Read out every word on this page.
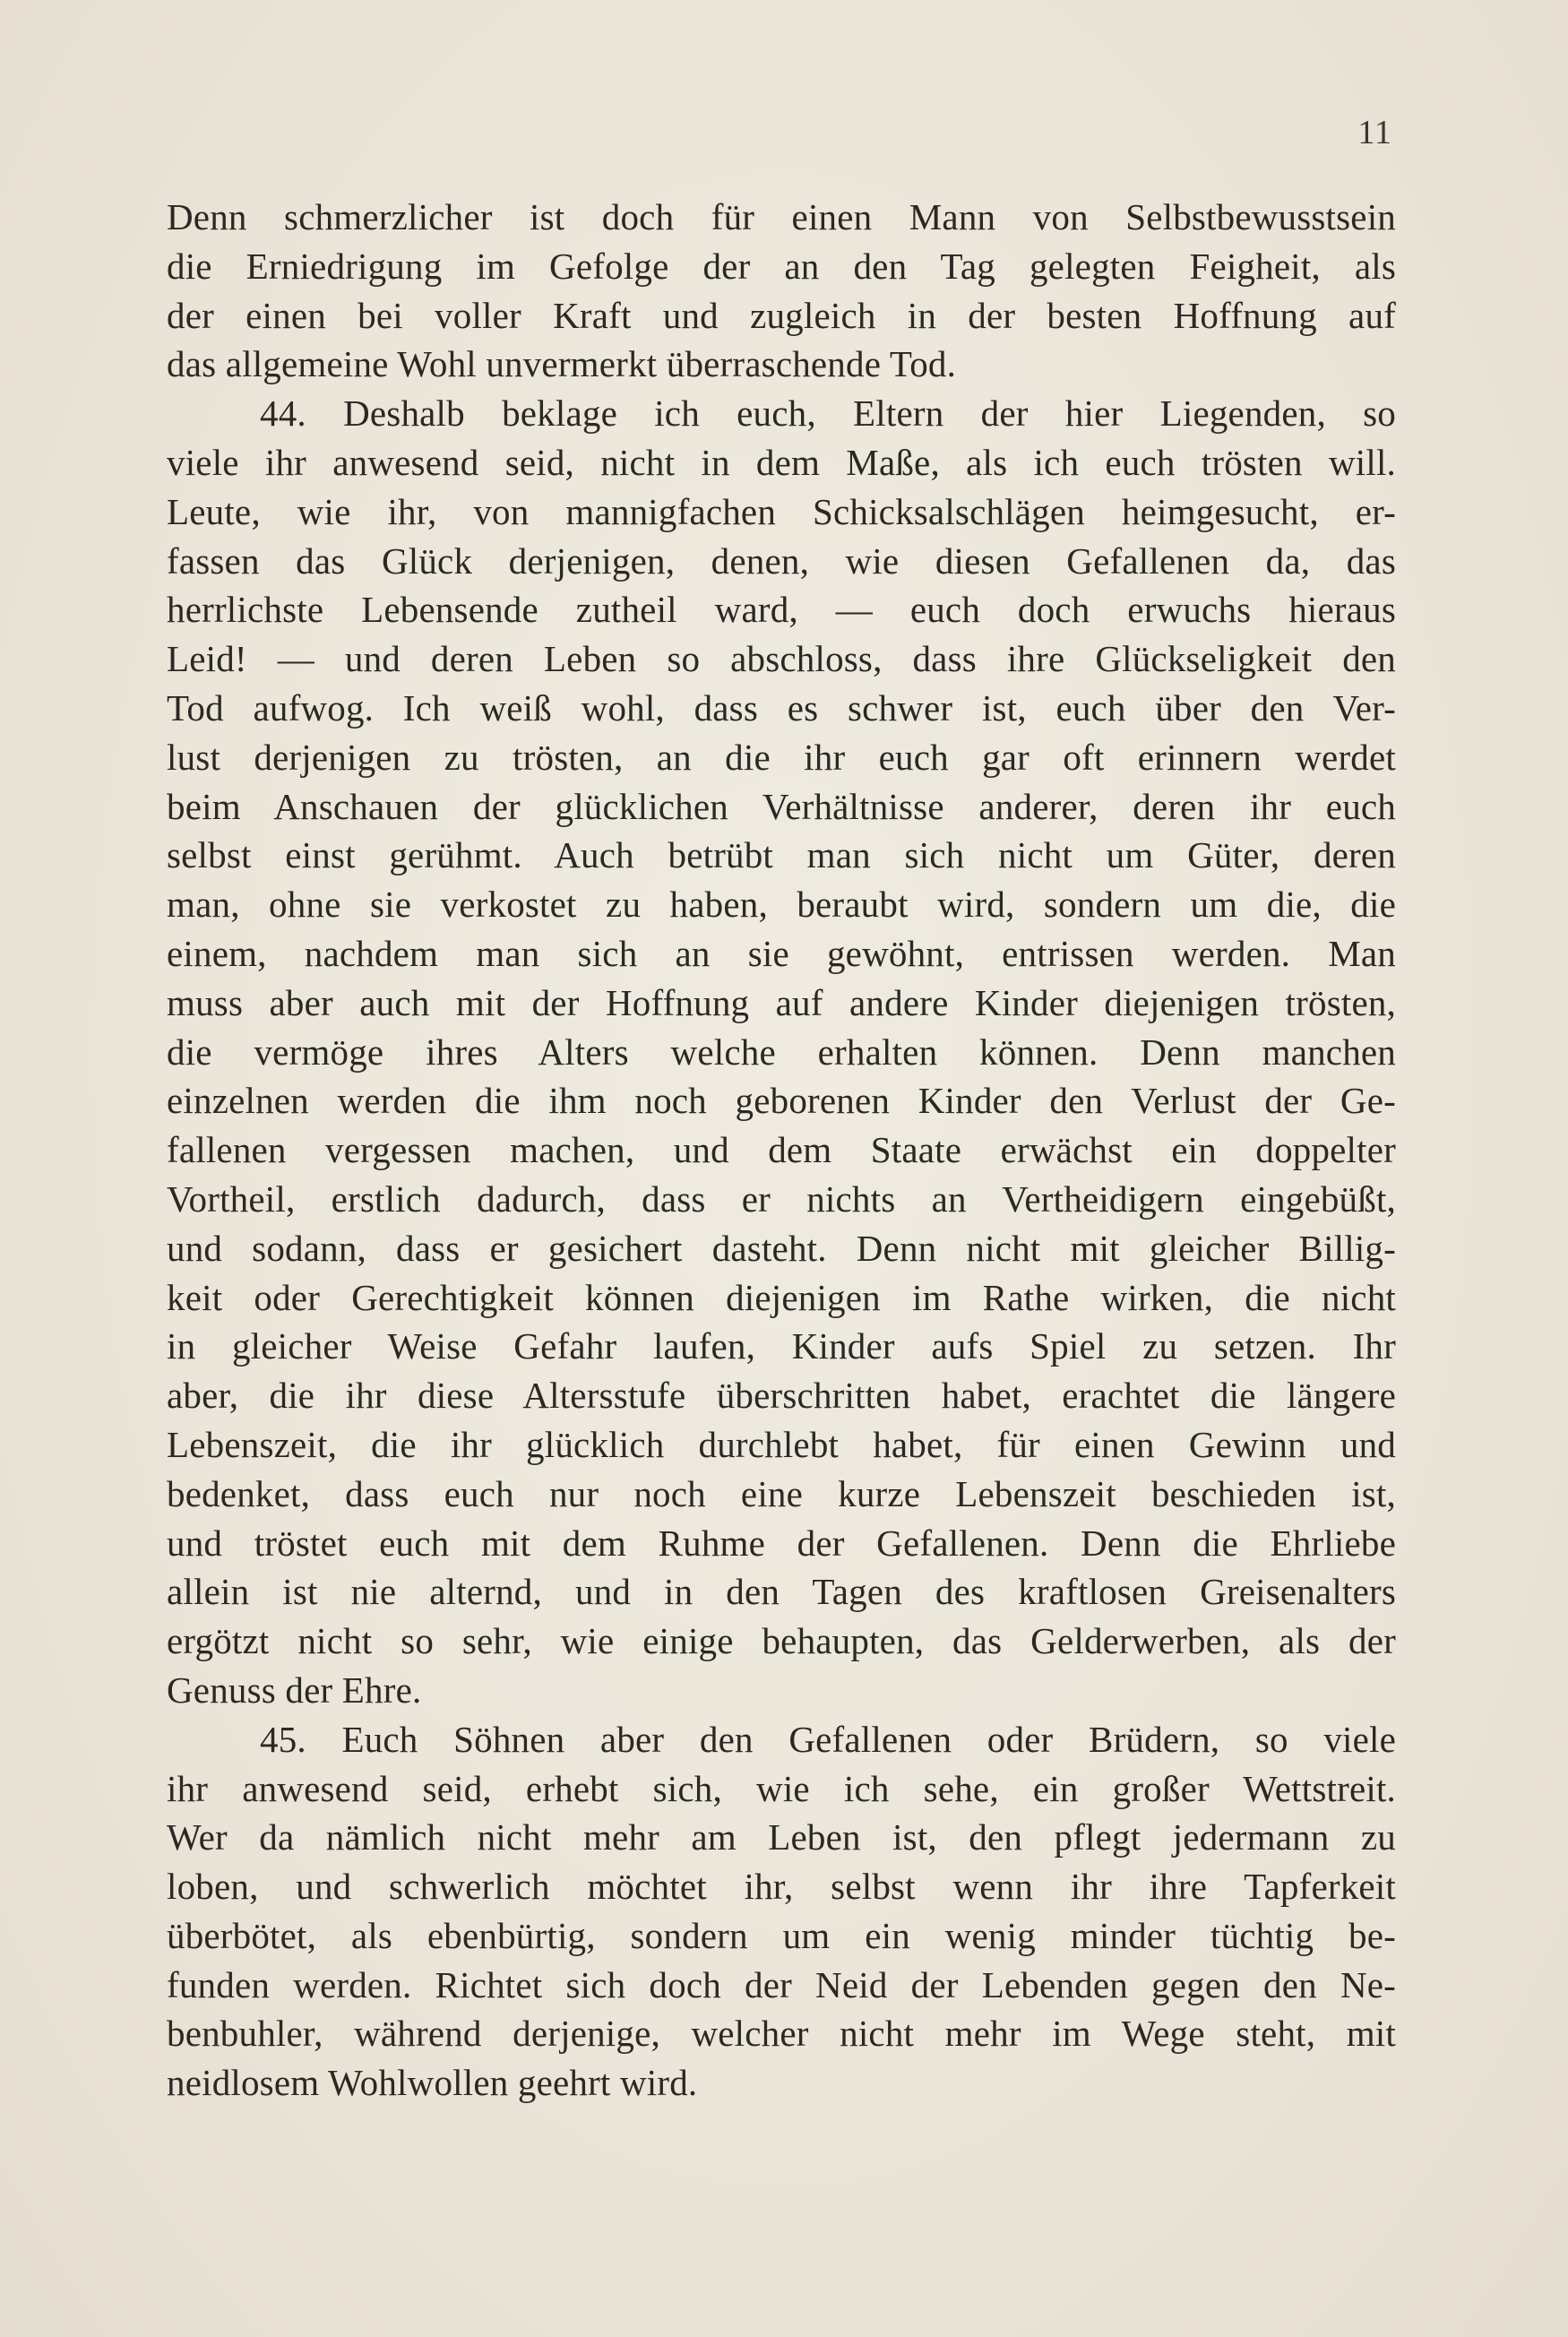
11
Denn schmerzlicher ist doch für einen Mann von Selbstbewusstsein
die Erniedrigung im Gefolge der an den Tag gelegten Feigheit, als
der einen bei voller Kraft und zugleich in der besten Hoffnung auf
das allgemeine Wohl unvermerkt überraschende Tod.
44. Deshalb beklage ich euch, Eltern der hier Liegenden, so
viele ihr anwesend seid, nicht in dem Maße, als ich euch trösten will.
Leute, wie ihr, von mannigfachen Schicksalschlägen heimgesucht, er-
fassen das Glück derjenigen, denen, wie diesen Gefallenen da, das
herrlichste Lebensende zutheil ward, — euch doch erwuchs hieraus
Leid! — und deren Leben so abschloss, dass ihre Glückseligkeit den
Tod aufwog. Ich weiß wohl, dass es schwer ist, euch über den Ver-
lust derjenigen zu trösten, an die ihr euch gar oft erinnern werdet
beim Anschauen der glücklichen Verhältnisse anderer, deren ihr euch
selbst einst gerühmt. Auch betrübt man sich nicht um Güter, deren
man, ohne sie verkostet zu haben, beraubt wird, sondern um die, die
einem, nachdem man sich an sie gewöhnt, entrissen werden. Man
muss aber auch mit der Hoffnung auf andere Kinder diejenigen trösten,
die vermöge ihres Alters welche erhalten können. Denn manchen
einzelnen werden die ihm noch geborenen Kinder den Verlust der Ge-
fallenen vergessen machen, und dem Staate erwächst ein doppelter
Vortheil, erstlich dadurch, dass er nichts an Vertheidigern eingebüßt,
und sodann, dass er gesichert dasteht. Denn nicht mit gleicher Billig-
keit oder Gerechtigkeit können diejenigen im Rathe wirken, die nicht
in gleicher Weise Gefahr laufen, Kinder aufs Spiel zu setzen. Ihr
aber, die ihr diese Altersstufe überschritten habet, erachtet die längere
Lebenszeit, die ihr glücklich durchlebt habet, für einen Gewinn und
bedenket, dass euch nur noch eine kurze Lebenszeit beschieden ist,
und tröstet euch mit dem Ruhme der Gefallenen. Denn die Ehrliebe
allein ist nie alternd, und in den Tagen des kraftlosen Greisenalters
ergötzt nicht so sehr, wie einige behaupten, das Gelderwerben, als der
Genuss der Ehre.
45. Euch Söhnen aber den Gefallenen oder Brüdern, so viele
ihr anwesend seid, erhebt sich, wie ich sehe, ein großer Wettstreit.
Wer da nämlich nicht mehr am Leben ist, den pflegt jedermann zu
loben, und schwerlich möchtet ihr, selbst wenn ihr ihre Tapferkeit
überbötet, als ebenbürtig, sondern um ein wenig minder tüchtig be-
funden werden. Richtet sich doch der Neid der Lebenden gegen den Ne-
benbuhler, während derjenige, welcher nicht mehr im Wege steht, mit
neidlosem Wohlwollen geehrt wird.
